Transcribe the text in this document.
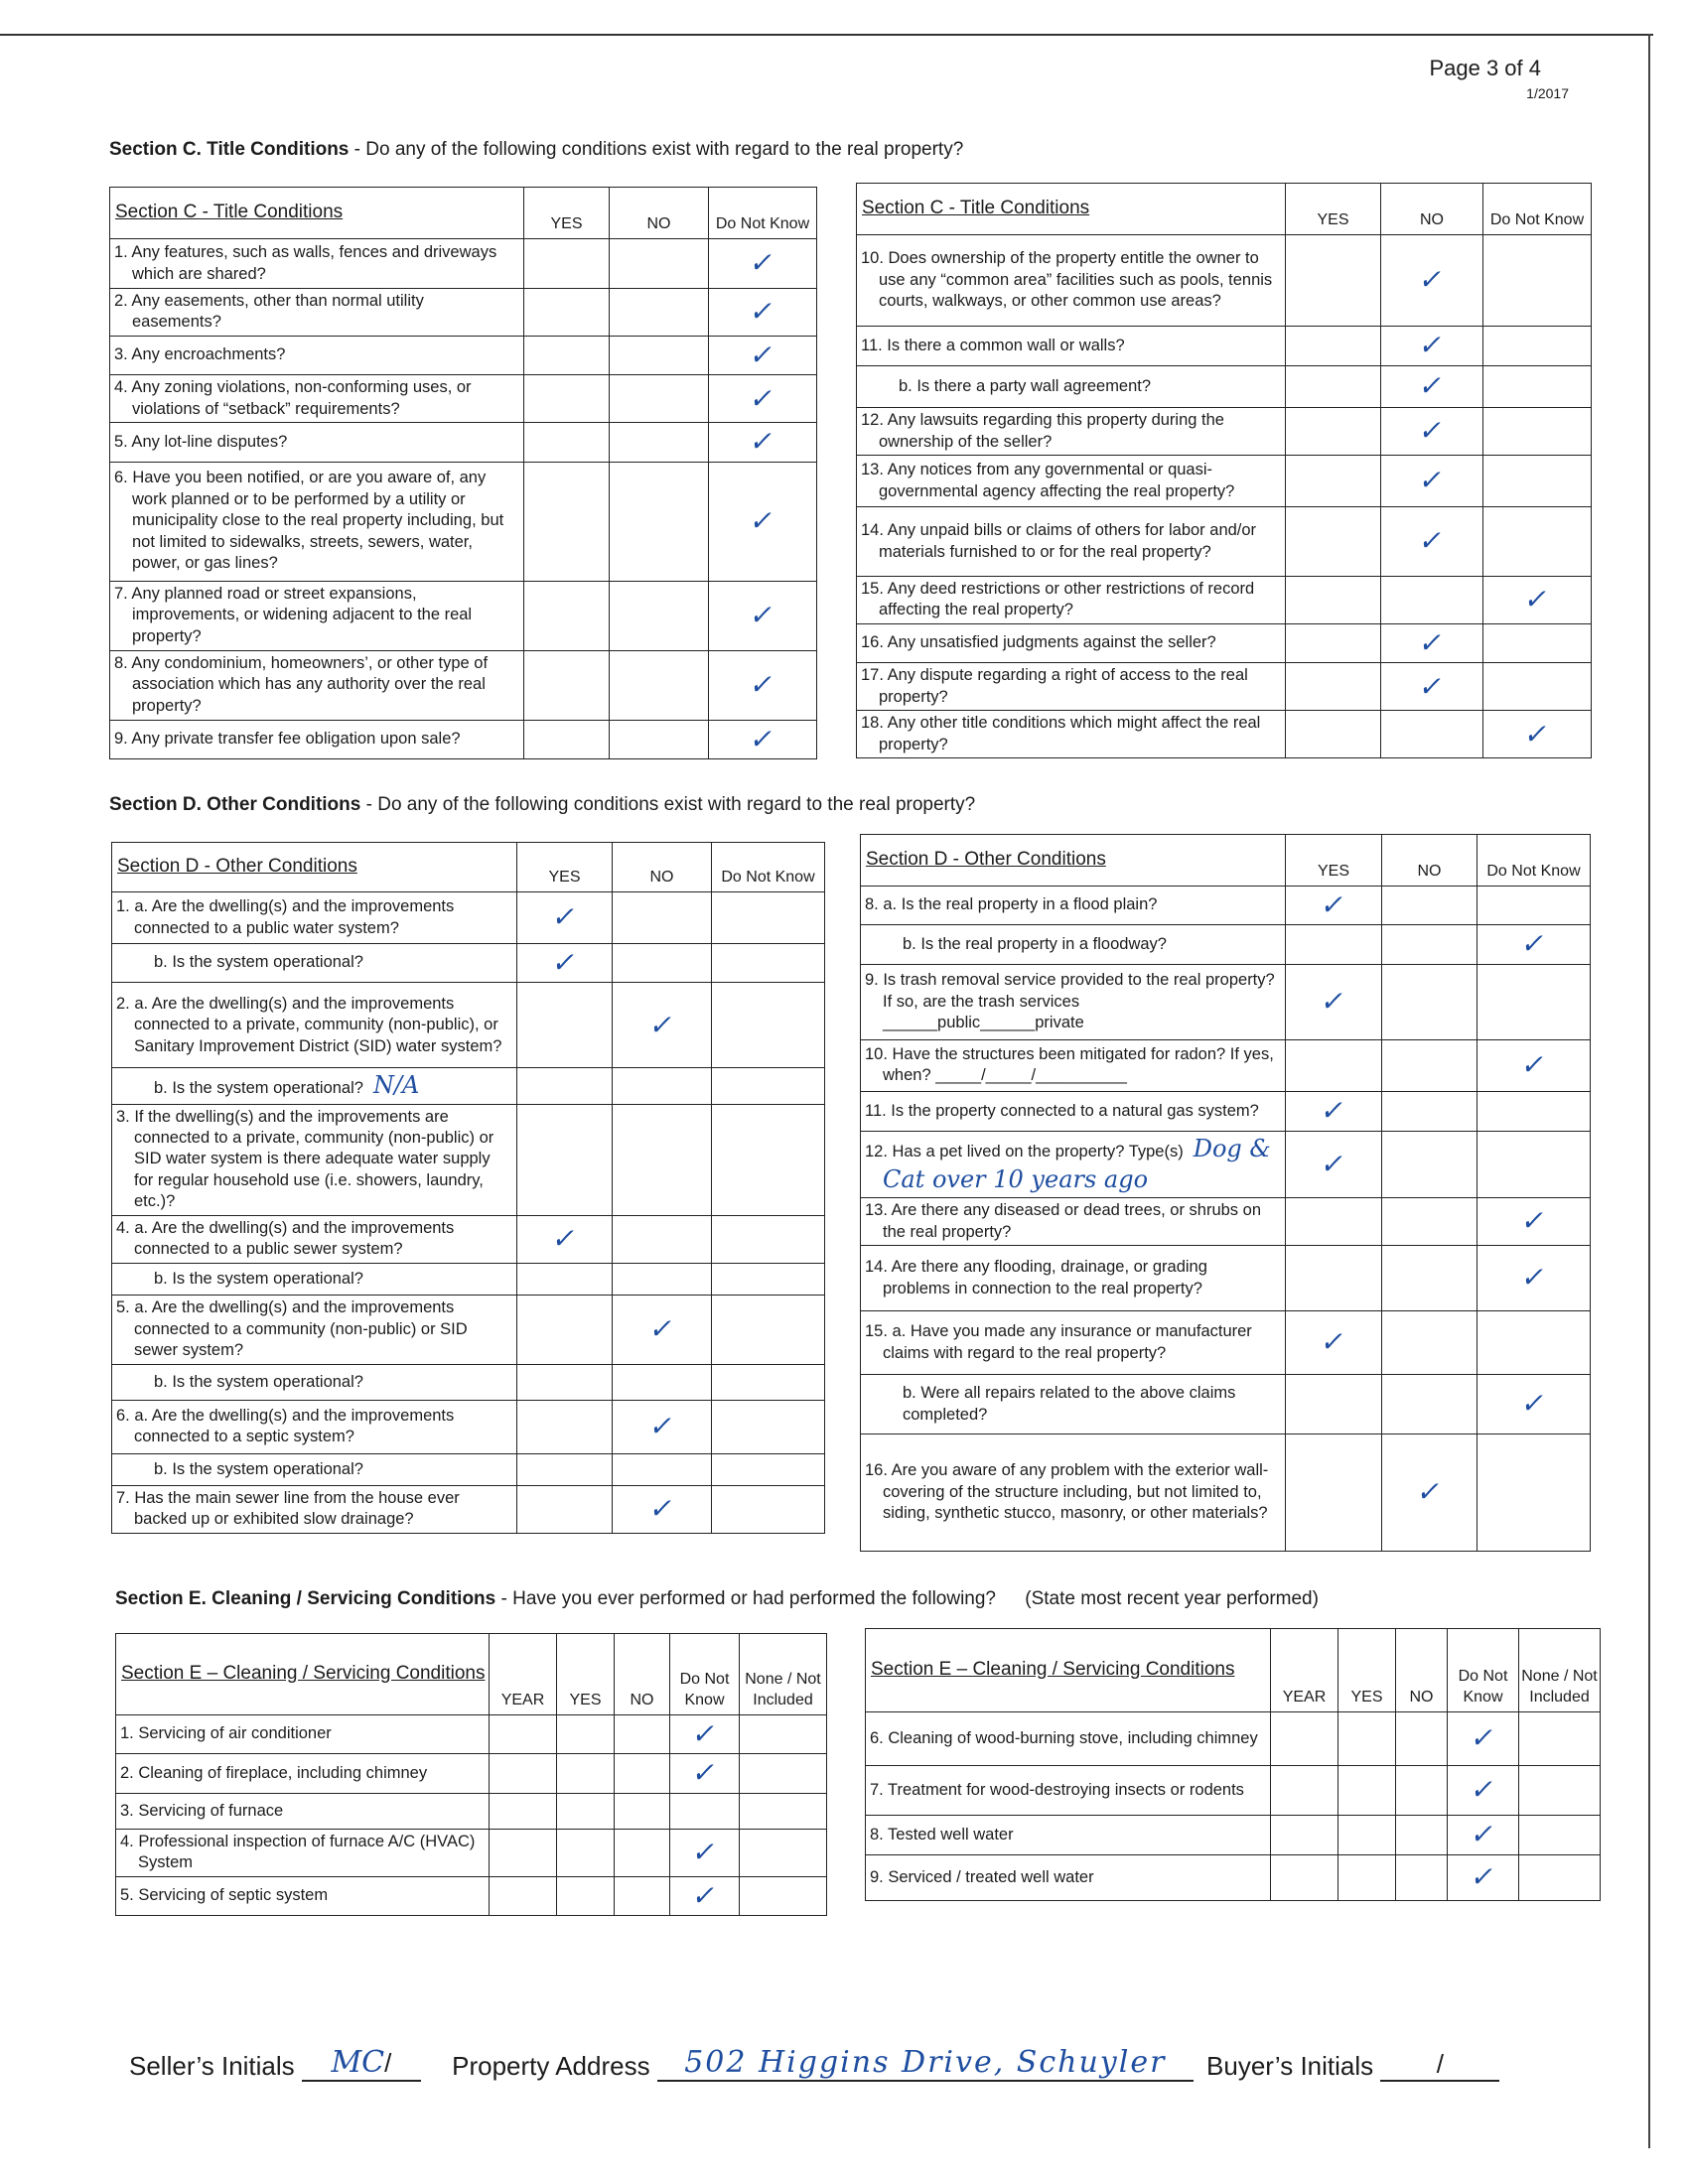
Page 3 of 4
1/2017
Section C. Title Conditions - Do any of the following conditions exist with regard to the real property?
Section C - Title Conditions	YES	NO	Do Not Know
1. Any features, such as walls, fences and driveways which are shared?			✓
2. Any easements, other than normal utility easements?			✓
3. Any encroachments?			✓
4. Any zoning violations, non-conforming uses, or violations of “setback” requirements?			✓
5. Any lot-line disputes?			✓
6. Have you been notified, or are you aware of, any work planned or to be performed by a utility or municipality close to the real property including, but not limited to sidewalks, streets, sewers, water, power, or gas lines?			✓
7. Any planned road or street expansions, improvements, or widening adjacent to the real property?			✓
8. Any condominium, homeowners’, or other type of association which has any authority over the real property?			✓
9. Any private transfer fee obligation upon sale?			✓
Section C - Title Conditions	YES	NO	Do Not Know
10. Does ownership of the property entitle the owner to use any “common area” facilities such as pools, tennis courts, walkways, or other common use areas?		✓	
11. Is there a common wall or walls?		✓	
b. Is there a party wall agreement?		✓	
12. Any lawsuits regarding this property during the ownership of the seller?		✓	
13. Any notices from any governmental or quasi-governmental agency affecting the real property?		✓	
14. Any unpaid bills or claims of others for labor and/or materials furnished to or for the real property?		✓	
15. Any deed restrictions or other restrictions of record affecting the real property?			✓
16. Any unsatisfied judgments against the seller?		✓	
17. Any dispute regarding a right of access to the real property?		✓	
18. Any other title conditions which might affect the real property?			✓
Section D. Other Conditions - Do any of the following conditions exist with regard to the real property?
Section D - Other Conditions	YES	NO	Do Not Know
1. a. Are the dwelling(s) and the improvements connected to a public water system?	✓		
b. Is the system operational?	✓		
2. a. Are the dwelling(s) and the improvements connected to a private, community (non-public), or Sanitary Improvement District (SID) water system?		✓	
b. Is the system operational? N/A			
3. If the dwelling(s) and the improvements are connected to a private, community (non-public) or SID water system is there adequate water supply for regular household use (i.e. showers, laundry, etc.)?			
4. a. Are the dwelling(s) and the improvements connected to a public sewer system?	✓		
b. Is the system operational?			
5. a. Are the dwelling(s) and the improvements connected to a community (non-public) or SID sewer system?		✓	
b. Is the system operational?			
6. a. Are the dwelling(s) and the improvements connected to a septic system?		✓	
b. Is the system operational?			
7. Has the main sewer line from the house ever backed up or exhibited slow drainage?		✓	
Section D - Other Conditions	YES	NO	Do Not Know
8. a. Is the real property in a flood plain?	✓		
b. Is the real property in a floodway?			✓
9. Is trash removal service provided to the real property? If so, are the trash services ______public______private	✓		
10. Have the structures been mitigated for radon? If yes, when? _____/_____/__________			✓
11. Is the property connected to a natural gas system?	✓		
12. Has a pet lived on the property? Type(s) Dog & Cat over 10 years ago	✓		
13. Are there any diseased or dead trees, or shrubs on the real property?			✓
14. Are there any flooding, drainage, or grading problems in connection to the real property?			✓
15. a. Have you made any insurance or manufacturer claims with regard to the real property?	✓		
b. Were all repairs related to the above claims completed?			✓
16. Are you aware of any problem with the exterior wall-covering of the structure including, but not limited to, siding, synthetic stucco, masonry, or other materials?		✓	
Section E. Cleaning / Servicing Conditions - Have you ever performed or had performed the following? (State most recent year performed)
Section E – Cleaning / Servicing Conditions	YEAR	YES	NO	Do Not Know	None / Not Included
1. Servicing of air conditioner				✓	
2. Cleaning of fireplace, including chimney				✓	
3. Servicing of furnace					
4. Professional inspection of furnace A/C (HVAC) System				✓	
5. Servicing of septic system				✓	
Section E – Cleaning / Servicing Conditions	YEAR	YES	NO	Do Not Know	None / Not Included
6. Cleaning of wood-burning stove, including chimney				✓	
7. Treatment for wood-destroying insects or rodents				✓	
8. Tested well water				✓	
9. Serviced / treated well water				✓	
Seller’s Initials MC/ Property Address 502 Higgins Drive, Schuyler Buyer’s Initials /
